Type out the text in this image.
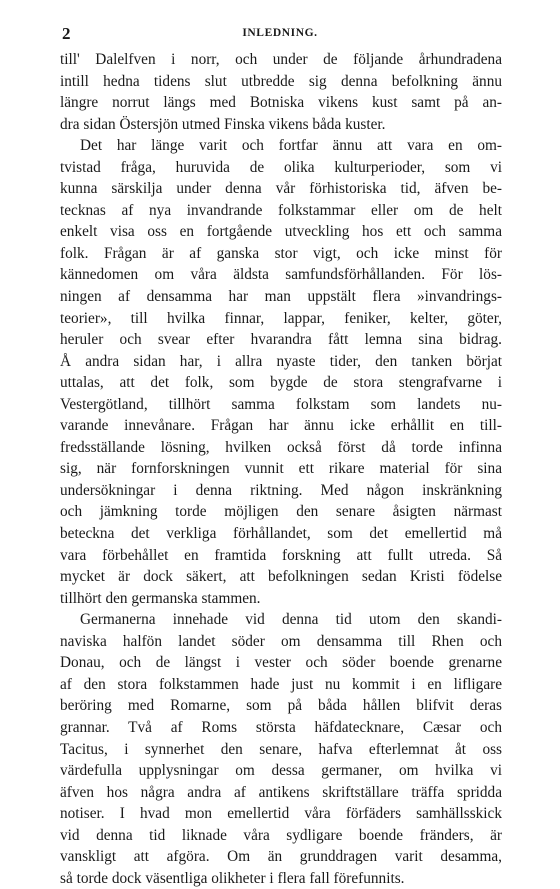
2	INLEDNING.
till' Dalelfven i norr, och under de följande århundradena
intill hedna tidens slut utbredde sig denna befolkning ännu
längre norrut längs med Botniska vikens kust samt på an-
dra sidan Östersjön utmed Finska vikens båda kuster.
Det har länge varit och fortfar ännu att vara en om-
tvistad fråga, huruvida de olika kulturperioder, som vi
kunna särskilja under denna vår förhistoriska tid, äfven be-
tecknas af nya invandrande folkstammar eller om de helt
enkelt visa oss en fortgående utveckling hos ett och samma
folk. Frågan är af ganska stor vigt, och icke minst för
kännedomen om våra äldsta samfundsförhållanden. För lös-
ningen af densamma har man uppstält flera »invandrings-
teorier», till hvilka finnar, lappar, feniker, kelter, göter,
heruler och svear efter hvarandra fått lemna sina bidrag.
Å andra sidan har, i allra nyaste tider, den tanken börjat
uttalas, att det folk, som bygde de stora stengrafvarne i
Vestergötland, tillhört samma folkstam som landets nu-
varande innevånare. Frågan har ännu icke erhållit en till-
fredsställande lösning, hvilken också först då torde infinna
sig, när fornforskningen vunnit ett rikare material för sina
undersökningar i denna riktning. Med någon inskränkning
och jämkning torde möjligen den senare åsigten närmast
beteckna det verkliga förhållandet, som det emellertid må
vara förbehållet en framtida forskning att fullt utreda. Så
mycket är dock säkert, att befolkningen sedan Kristi födelse
tillhört den germanska stammen.
Germanerna innehade vid denna tid utom den skandi-
naviska halfön landet söder om densamma till Rhen och
Donau, och de längst i vester och söder boende grenarne
af den stora folkstammen hade just nu kommit i en lifligare
beröring med Romarne, som på båda hållen blifvit deras
grannar. Två af Roms största häfdatecknare, Cæsar och
Tacitus, i synnerhet den senare, hafva efterlemnat åt oss
värdefulla upplysningar om dessa germaner, om hvilka vi
äfven hos några andra af antikens skriftställare träffa spridda
notiser. I hvad mon emellertid våra förfäders samhällsskick
vid denna tid liknade våra sydligare boende fränders, är
vanskligt att afgöra. Om än grunddragen varit desamma,
så torde dock väsentliga olikheter i flera fall förefunnits.
